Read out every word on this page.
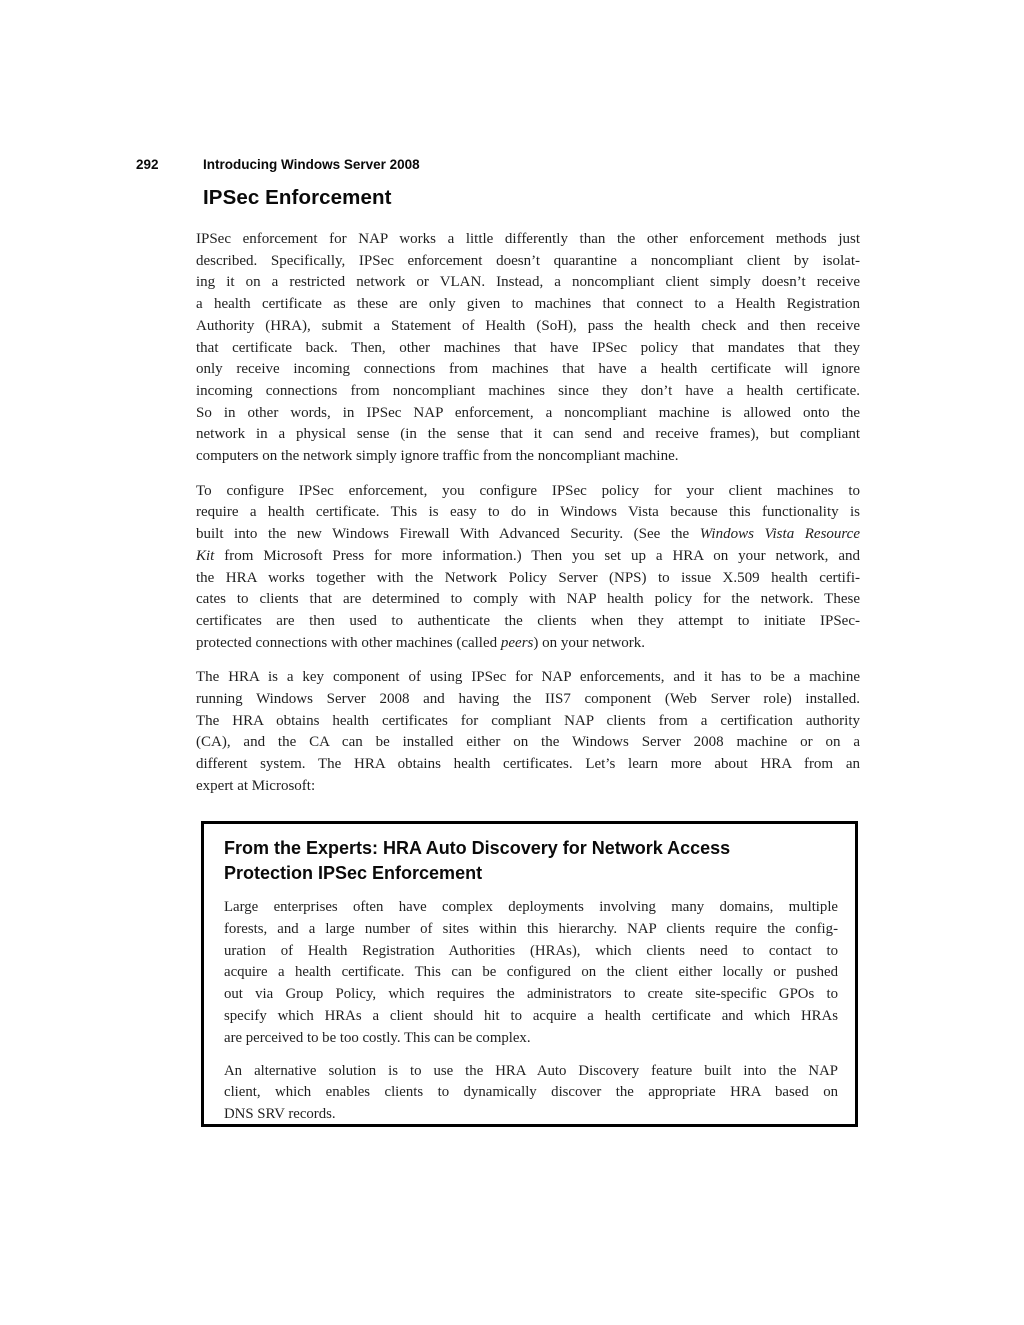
292	Introducing Windows Server 2008
IPSec Enforcement
IPSec enforcement for NAP works a little differently than the other enforcement methods just
described. Specifically, IPSec enforcement doesn’t quarantine a noncompliant client by isolat-
ing it on a restricted network or VLAN. Instead, a noncompliant client simply doesn’t receive
a health certificate as these are only given to machines that connect to a Health Registration
Authority (HRA), submit a Statement of Health (SoH), pass the health check and then receive
that certificate back. Then, other machines that have IPSec policy that mandates that they
only receive incoming connections from machines that have a health certificate will ignore
incoming connections from noncompliant machines since they don’t have a health certificate.
So in other words, in IPSec NAP enforcement, a noncompliant machine is allowed onto the
network in a physical sense (in the sense that it can send and receive frames), but compliant
computers on the network simply ignore traffic from the noncompliant machine.
To configure IPSec enforcement, you configure IPSec policy for your client machines to
require a health certificate. This is easy to do in Windows Vista because this functionality is
built into the new Windows Firewall With Advanced Security. (See the Windows Vista Resource
Kit from Microsoft Press for more information.) Then you set up a HRA on your network, and
the HRA works together with the Network Policy Server (NPS) to issue X.509 health certifi-
cates to clients that are determined to comply with NAP health policy for the network. These
certificates are then used to authenticate the clients when they attempt to initiate IPSec-
protected connections with other machines (called peers) on your network.
The HRA is a key component of using IPSec for NAP enforcements, and it has to be a machine
running Windows Server 2008 and having the IIS7 component (Web Server role) installed.
The HRA obtains health certificates for compliant NAP clients from a certification authority
(CA), and the CA can be installed either on the Windows Server 2008 machine or on a
different system. The HRA obtains health certificates. Let’s learn more about HRA from an
expert at Microsoft:
From the Experts: HRA Auto Discovery for Network Access
Protection IPSec Enforcement
Large enterprises often have complex deployments involving many domains, multiple
forests, and a large number of sites within this hierarchy. NAP clients require the config-
uration of Health Registration Authorities (HRAs), which clients need to contact to
acquire a health certificate. This can be configured on the client either locally or pushed
out via Group Policy, which requires the administrators to create site-specific GPOs to
specify which HRAs a client should hit to acquire a health certificate and which HRAs
are perceived to be too costly. This can be complex.
An alternative solution is to use the HRA Auto Discovery feature built into the NAP
client, which enables clients to dynamically discover the appropriate HRA based on
DNS SRV records.
